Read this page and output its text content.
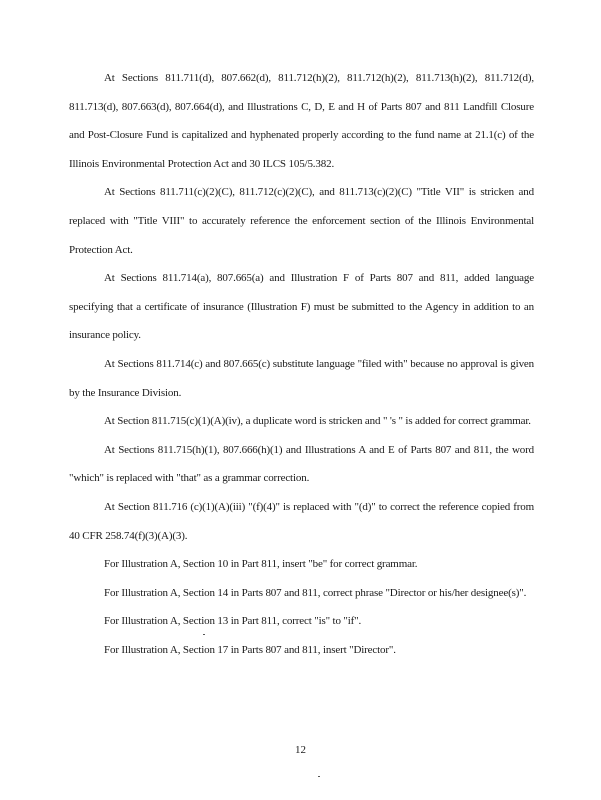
At Sections 811.711(d), 807.662(d), 811.712(h)(2), 811.712(h)(2), 811.713(h)(2), 811.712(d), 811.713(d), 807.663(d), 807.664(d), and Illustrations C, D, E and H of Parts 807 and 811 Landfill Closure and Post-Closure Fund is capitalized and hyphenated properly according to the fund name at 21.1(c) of the Illinois Environmental Protection Act and 30 ILCS 105/5.382.

At Sections 811.711(c)(2)(C), 811.712(c)(2)(C), and 811.713(c)(2)(C) "Title VII" is stricken and replaced with "Title VIII" to accurately reference the enforcement section of the Illinois Environmental Protection Act.

At Sections 811.714(a), 807.665(a) and Illustration F of Parts 807 and 811, added language specifying that a certificate of insurance (Illustration F) must be submitted to the Agency in addition to an insurance policy.

At Sections 811.714(c) and 807.665(c) substitute language "filed with" because no approval is given by the Insurance Division.

At Section 811.715(c)(1)(A)(iv), a duplicate word is stricken and " 's " is added for correct grammar.

At Sections 811.715(h)(1), 807.666(h)(1) and Illustrations A and E of Parts 807 and 811, the word "which" is replaced with "that" as a grammar correction.

At Section 811.716 (c)(1)(A)(iii) "(f)(4)" is replaced with "(d)" to correct the reference copied from 40 CFR 258.74(f)(3)(A)(3).

For Illustration A, Section 10 in Part 811, insert "be" for correct grammar.

For Illustration A, Section 14 in Parts 807 and 811, correct phrase "Director or his/her designee(s)".

For Illustration A, Section 13 in Part 811, correct "is" to "if".

For Illustration A, Section 17 in Parts 807 and 811, insert "Director".

12
